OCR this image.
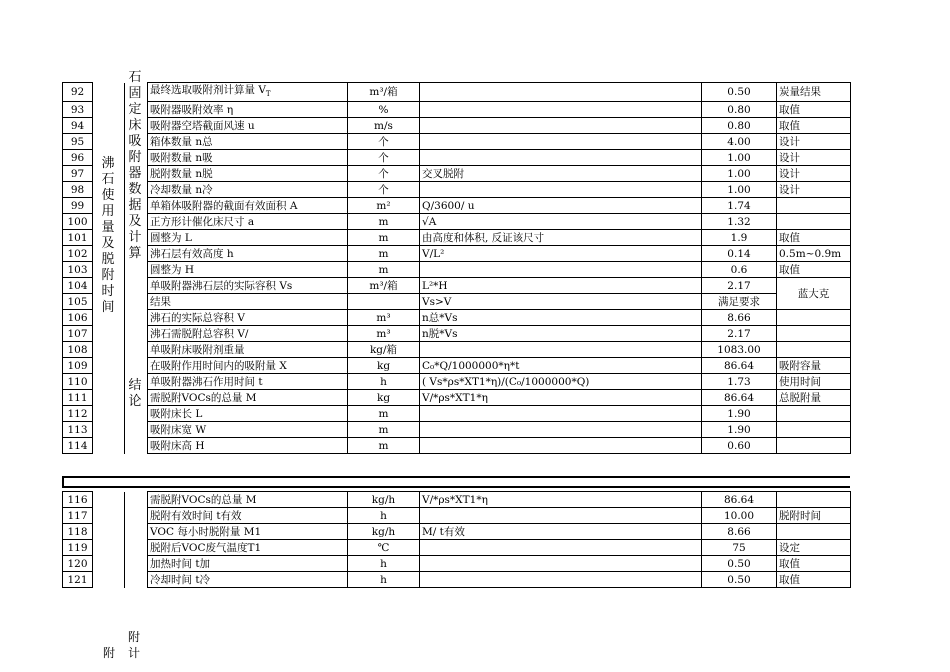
92			最终选取吸附剂计算量 $V_T$	m³/箱		0.50	炭量结果
93			吸附器吸附效率 η	%		0.80	取值
94			吸附器空塔截面风速 u	m/s		0.80	取值
95			箱体数量 n总	个		4.00	设计
96			吸附数量 n吸	个		1.00	设计
97			脱附数量 n脱	个	交叉脱附	1.00	设计
98			冷却数量 n冷	个		1.00	设计
99			单箱体吸附器的截面有效面积 A	m²	Q/3600/ u	1.74	
100			正方形计催化床尺寸 a	m	√A	1.32	
101			圆整为 L	m	由高度和体积, 反证该尺寸	1.9	取值
102			沸石层有效高度 h	m	V/L²	0.14	0.5m~0.9m
103			圆整为 H	m		0.6	取值
104			单吸附器沸石层的实际容积 Vs	m³/箱	L²*H	2.17	蓝大克
105			结果		Vs>V	满足要求	
106			沸石的实际总容积 V	m³	n总*Vs	8.66	
107			沸石需脱附总容积 V/	m³	n脱*Vs	2.17	
108			单吸附床吸附剂重量	kg/箱		1083.00	
109			在吸附作用时间内的吸附量 X	kg	C₀*Q/1000000*η*t	86.64	吸附容量
110			单吸附器沸石作用时间 t	h	( Vs*ρs*XT1*η)/(C₀/1000000*Q)	1.73	使用时间
111			需脱附VOCs的总量 M	kg	V/*ρs*XT1*η	86.64	总脱附量
112			吸附床长 L	m		1.90	
113			吸附床宽 W	m		1.90	
114			吸附床高 H	m		0.60	
116			需脱附VOCs的总量 M	kg/h	V/*ρs*XT1*η	86.64	
117			脱附有效时间 t有效	h		10.00	脱附时间
118			VOC 每小时脱附量 M1	kg/h	M/ t有效	8.66	
119			脱附后VOC废气温度T1	℃		75	设定
120			加热时间 t加	h		0.50	取值
121			冷却时间 t冷	h		0.50	取值
沸
石
使
用
量
及
脱
附
时
间
石
固
定
床
吸
附
器
数
据
及
计
算
结
论
附
附 计
